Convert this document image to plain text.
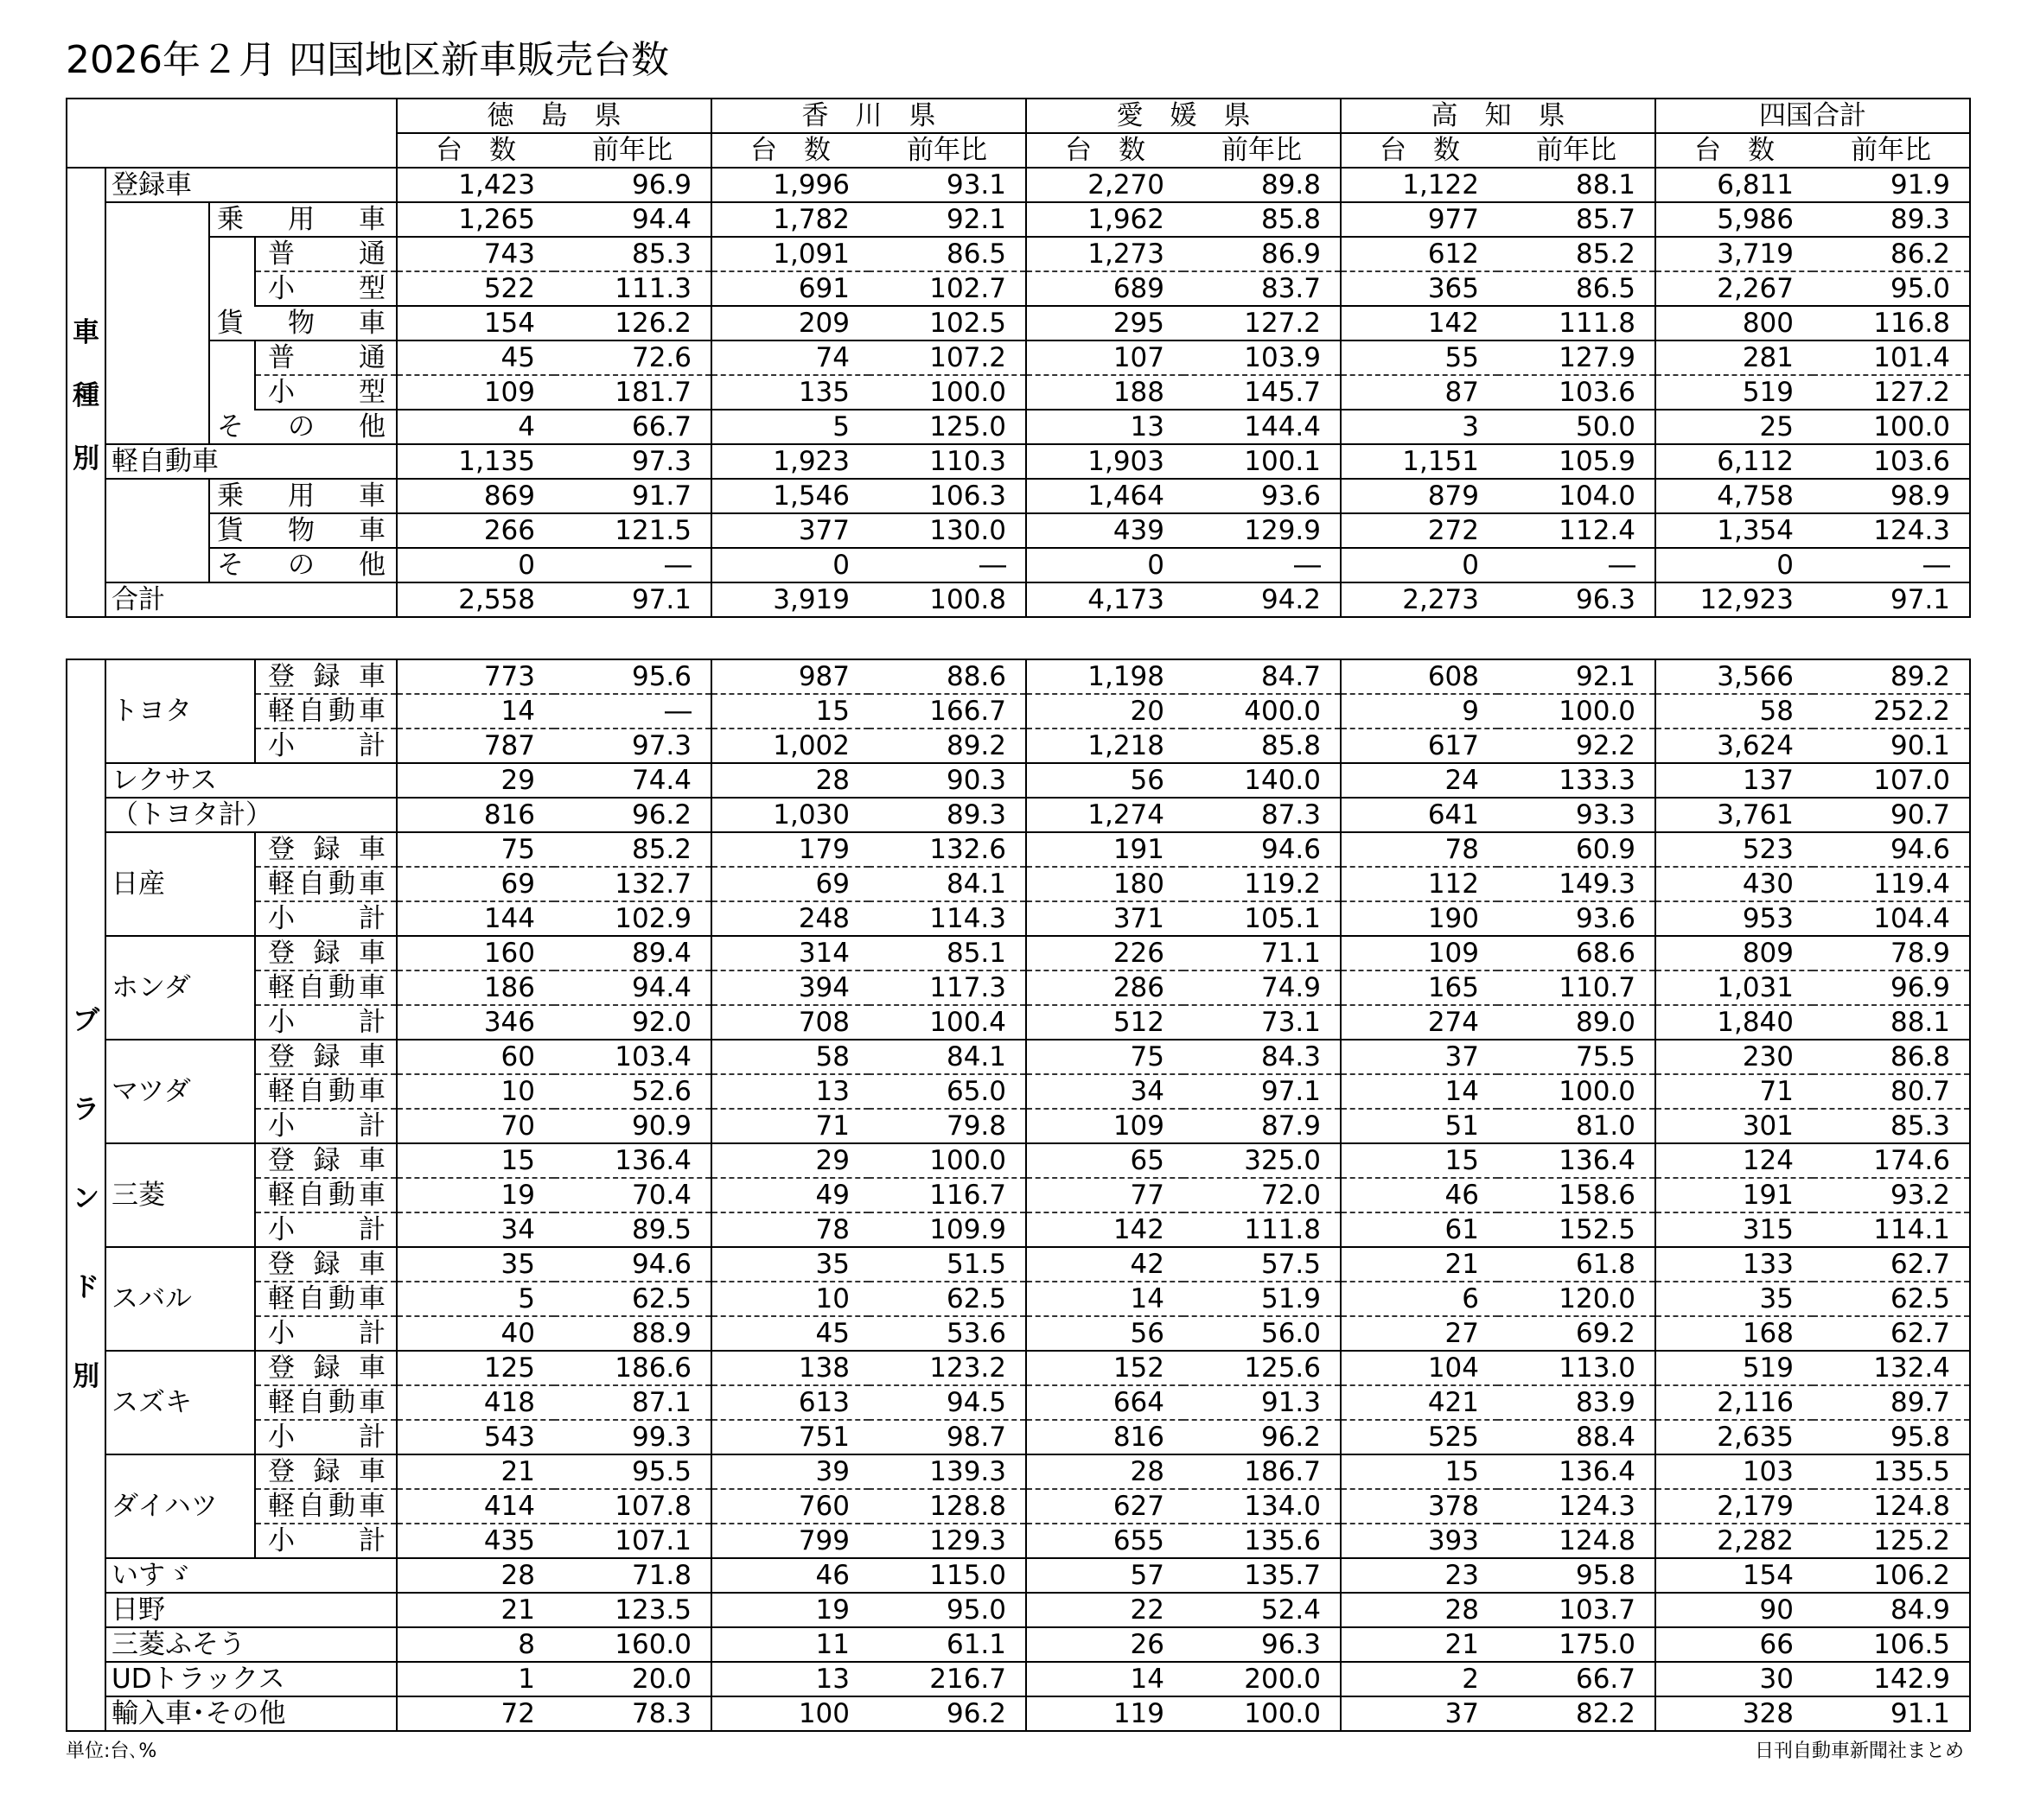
2026年２月 四国地区新車販売台数
				徳　島　県		香　川　県		愛　媛　県		高　知　県		四国合計	
				台　数	前年比	台　数	前年比	台　数	前年比	台　数	前年比	台　数	前年比

車
種
別	登録車			1,423	96.9	1,996	93.1	2,270	89.8	1,122	88.1	6,811	91.9
		乗用車		1,265	94.4	1,782	92.1	1,962	85.8	977	85.7	5,986	89.3
			普通	743	85.3	1,091	86.5	1,273	86.9	612	85.2	3,719	86.2
			小型	522	111.3	691	102.7	689	83.7	365	86.5	2,267	95.0
		貨物車		154	126.2	209	102.5	295	127.2	142	111.8	800	116.8
			普通	45	72.6	74	107.2	107	103.9	55	127.9	281	101.4
			小型	109	181.7	135	100.0	188	145.7	87	103.6	519	127.2
		その他		4	66.7	5	125.0	13	144.4	3	50.0	25	100.0
	軽自動車			1,135	97.3	1,923	110.3	1,903	100.1	1,151	105.9	6,112	103.6
		乗用車		869	91.7	1,546	106.3	1,464	93.6	879	104.0	4,758	98.9
		貨物車		266	121.5	377	130.0	439	129.9	272	112.4	1,354	124.3
		その他		0	―	0	―	0	―	0	―	0	―
	合計			2,558	97.1	3,919	100.8	4,173	94.2	2,273	96.3	12,923	97.1
ブ
ラ
ン
ド
別	トヨタ	登録車	773	95.6	987	88.6	1,198	84.7	608	92.1	3,566	89.2
		軽自動車	14	―	15	166.7	20	400.0	9	100.0	58	252.2
		小計	787	97.3	1,002	89.2	1,218	85.8	617	92.2	3,624	90.1
	レクサス		29	74.4	28	90.3	56	140.0	24	133.3	137	107.0
	（トヨタ計）		816	96.2	1,030	89.3	1,274	87.3	641	93.3	3,761	90.7
	日産	登録車	75	85.2	179	132.6	191	94.6	78	60.9	523	94.6
		軽自動車	69	132.7	69	84.1	180	119.2	112	149.3	430	119.4
		小計	144	102.9	248	114.3	371	105.1	190	93.6	953	104.4
	ホンダ	登録車	160	89.4	314	85.1	226	71.1	109	68.6	809	78.9
		軽自動車	186	94.4	394	117.3	286	74.9	165	110.7	1,031	96.9
		小計	346	92.0	708	100.4	512	73.1	274	89.0	1,840	88.1
	マツダ	登録車	60	103.4	58	84.1	75	84.3	37	75.5	230	86.8
		軽自動車	10	52.6	13	65.0	34	97.1	14	100.0	71	80.7
		小計	70	90.9	71	79.8	109	87.9	51	81.0	301	85.3
	三菱	登録車	15	136.4	29	100.0	65	325.0	15	136.4	124	174.6
		軽自動車	19	70.4	49	116.7	77	72.0	46	158.6	191	93.2
		小計	34	89.5	78	109.9	142	111.8	61	152.5	315	114.1
	スバル	登録車	35	94.6	35	51.5	42	57.5	21	61.8	133	62.7
		軽自動車	5	62.5	10	62.5	14	51.9	6	120.0	35	62.5
		小計	40	88.9	45	53.6	56	56.0	27	69.2	168	62.7
	スズキ	登録車	125	186.6	138	123.2	152	125.6	104	113.0	519	132.4
		軽自動車	418	87.1	613	94.5	664	91.3	421	83.9	2,116	89.7
		小計	543	99.3	751	98.7	816	96.2	525	88.4	2,635	95.8
	ダイハツ	登録車	21	95.5	39	139.3	28	186.7	15	136.4	103	135.5
		軽自動車	414	107.8	760	128.8	627	134.0	378	124.3	2,179	124.8
		小計	435	107.1	799	129.3	655	135.6	393	124.8	2,282	125.2
	いすゞ		28	71.8	46	115.0	57	135.7	23	95.8	154	106.2
	日野		21	123.5	19	95.0	22	52.4	28	103.7	90	84.9
	三菱ふそう		8	160.0	11	61.1	26	96.3	21	175.0	66	106.5
	UDトラックス		1	20.0	13	216.7	14	200.0	2	66.7	30	142.9
	輸入車･その他		72	78.3	100	96.2	119	100.0	37	82.2	328	91.1
単位:台､%	日刊自動車新聞社まとめ
